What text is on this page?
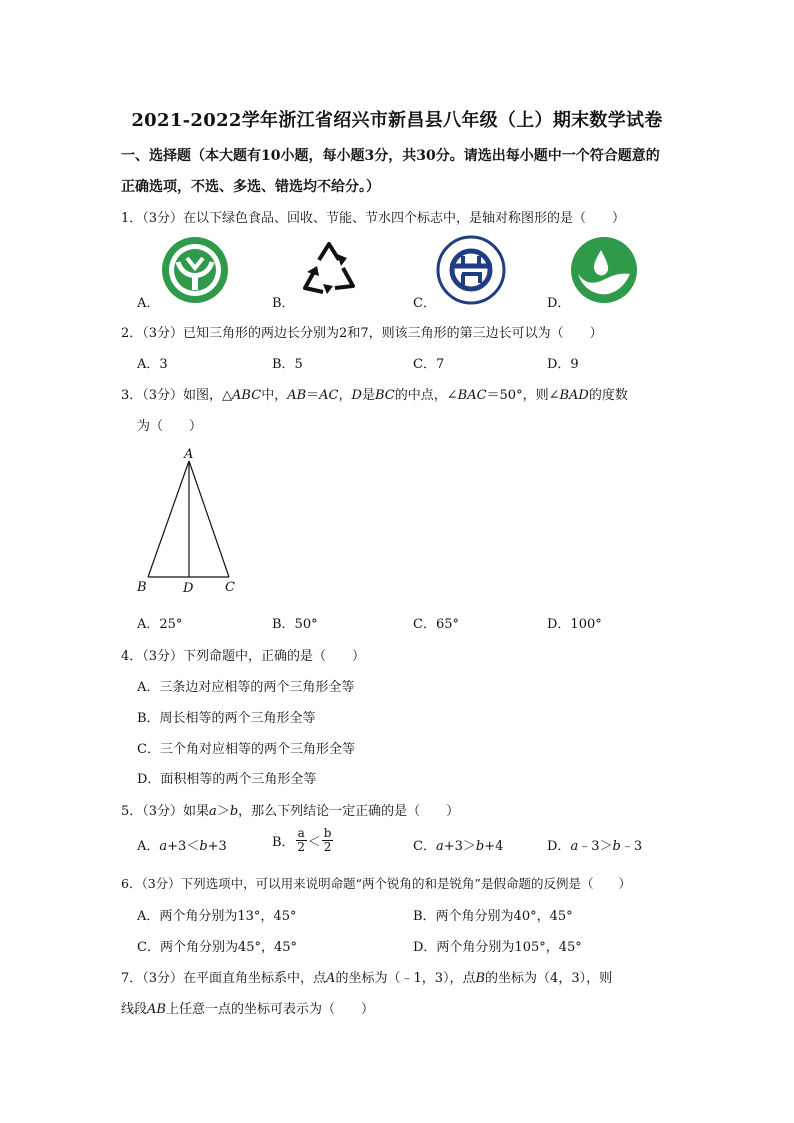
2021-2022学年浙江省绍兴市新昌县八年级（上）期末数学试卷
一、选择题（本大题有10小题，每小题3分，共30分。请选出每小题中一个符合题意的
正确选项，不选、多选、错选均不给分。）
1．（3分）在以下绿色食品、回收、节能、节水四个标志中，是轴对称图形的是（　　）
A．	B．	C．	D．
2．（3分）已知三角形的两边长分别为2和7，则该三角形的第三边长可以为（　　）
A．3	B．5	C．7	D．9
3．（3分）如图，△ABC中，AB＝AC，D是BC的中点，∠BAC＝50°，则∠BAD的度数
为（　　）
A
B	D C
A．25°	B．50°	C．65°	D．100°
4．（3分）下列命题中，正确的是（　　）
A．三条边对应相等的两个三角形全等
B．周长相等的两个三角形全等
C．三个角对应相等的两个三角形全等
D．面积相等的两个三角形全等
5．（3分）如果a＞b，那么下列结论一定正确的是（　　）
A．a+3＜b+3	B． $\frac{a}{2} < \frac{b}{2}$	C．a+3＞b+4	D．a﹣3＞b﹣3
6．（3分）下列选项中，可以用来说明命题“两个锐角的和是锐角”是假命题的反例是（　　）
A．两个角分别为13°，45°	B．两个角分别为40°，45°
C．两个角分别为45°，45°	D．两个角分别为105°，45°
7．（3分）在平面直角坐标系中，点A的坐标为（﹣1，3），点B的坐标为（4，3），则
线段AB上任意一点的坐标可表示为（　　）
